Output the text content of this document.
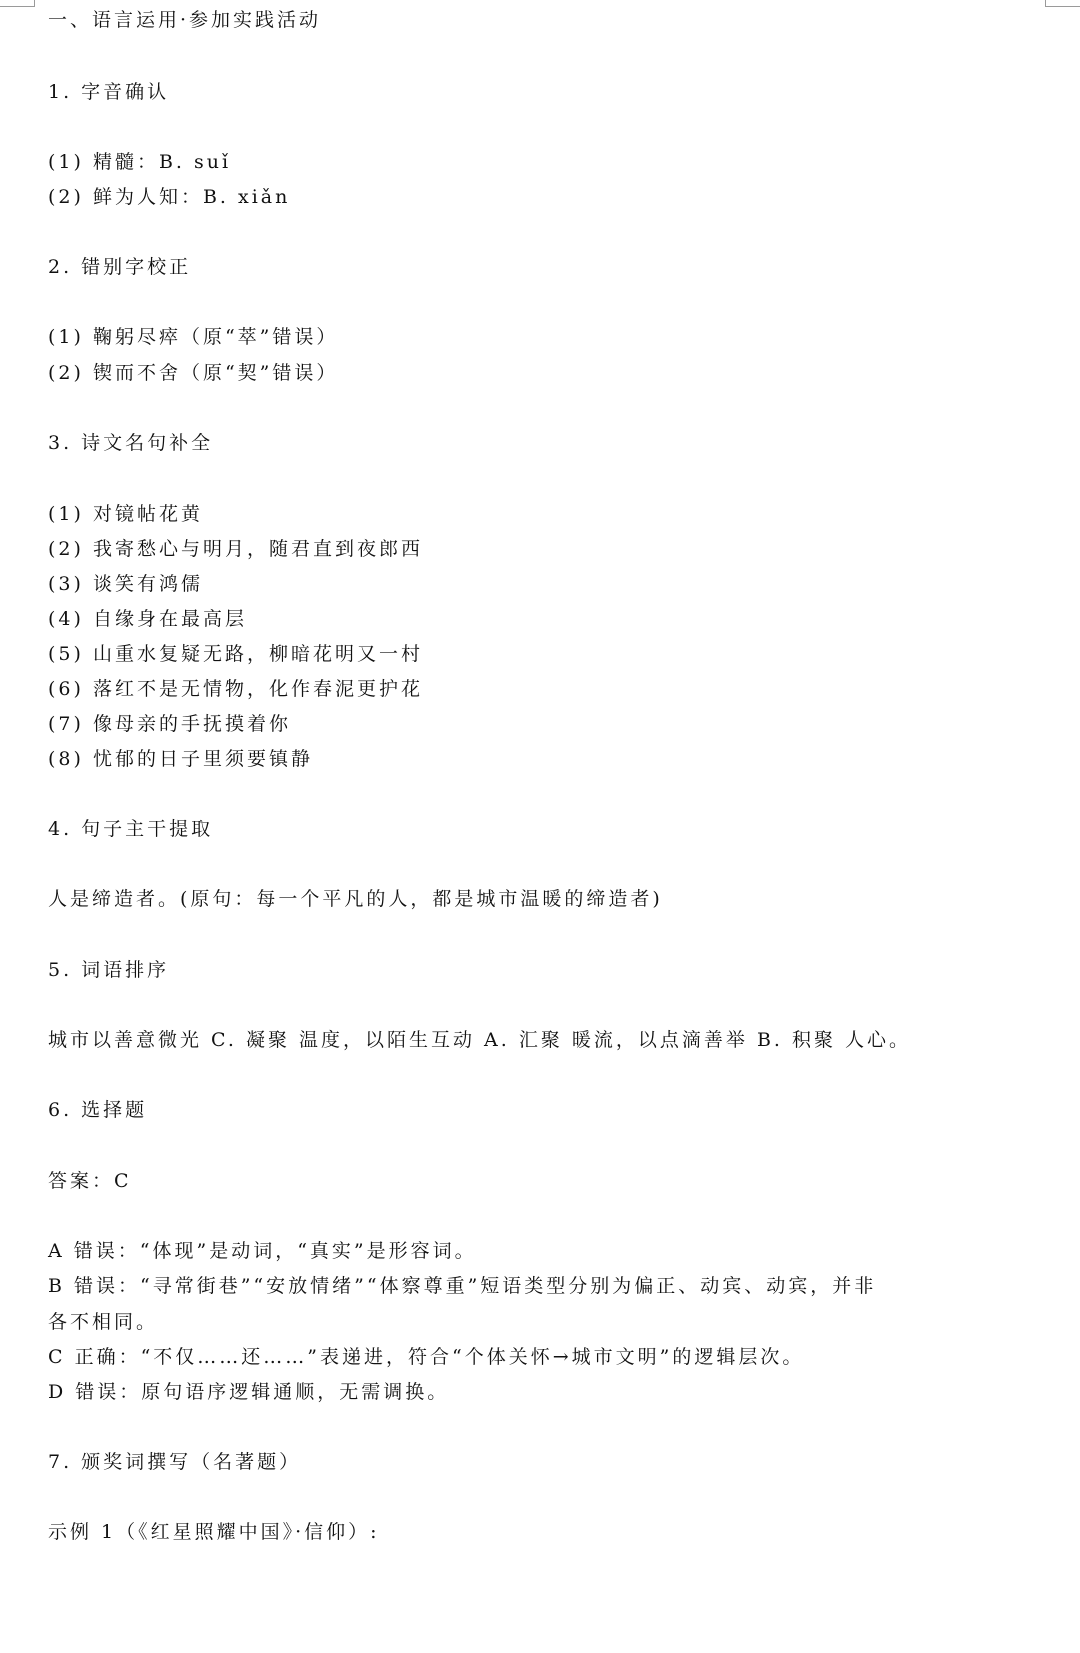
一、语言运用·参加实践活动
1. 字音确认
(1) 精髓：B. suǐ
(2) 鲜为人知：B. xiǎn
2. 错别字校正
(1) 鞠躬尽瘁（原“萃”错误）
(2) 锲而不舍（原“契”错误）
3. 诗文名句补全
(1) 对镜帖花黄
(2) 我寄愁心与明月，随君直到夜郎西
(3) 谈笑有鸿儒
(4) 自缘身在最高层
(5) 山重水复疑无路，柳暗花明又一村
(6) 落红不是无情物，化作春泥更护花
(7) 像母亲的手抚摸着你
(8) 忧郁的日子里须要镇静
4. 句子主干提取
人是缔造者。(原句：每一个平凡的人，都是城市温暖的缔造者)
5. 词语排序
城市以善意微光 C. 凝聚 温度，以陌生互动 A. 汇聚 暖流，以点滴善举 B. 积聚 人心。
6. 选择题
答案：C
A 错误：“体现”是动词，“真实”是形容词。
B 错误：“寻常街巷”“安放情绪”“体察尊重”短语类型分别为偏正、动宾、动宾，并非
各不相同。
C 正确：“不仅……还……”表递进，符合“个体关怀→城市文明”的逻辑层次。
D 错误：原句语序逻辑通顺，无需调换。
7. 颁奖词撰写（名著题）
示例 1（《红星照耀中国》·信仰）:
